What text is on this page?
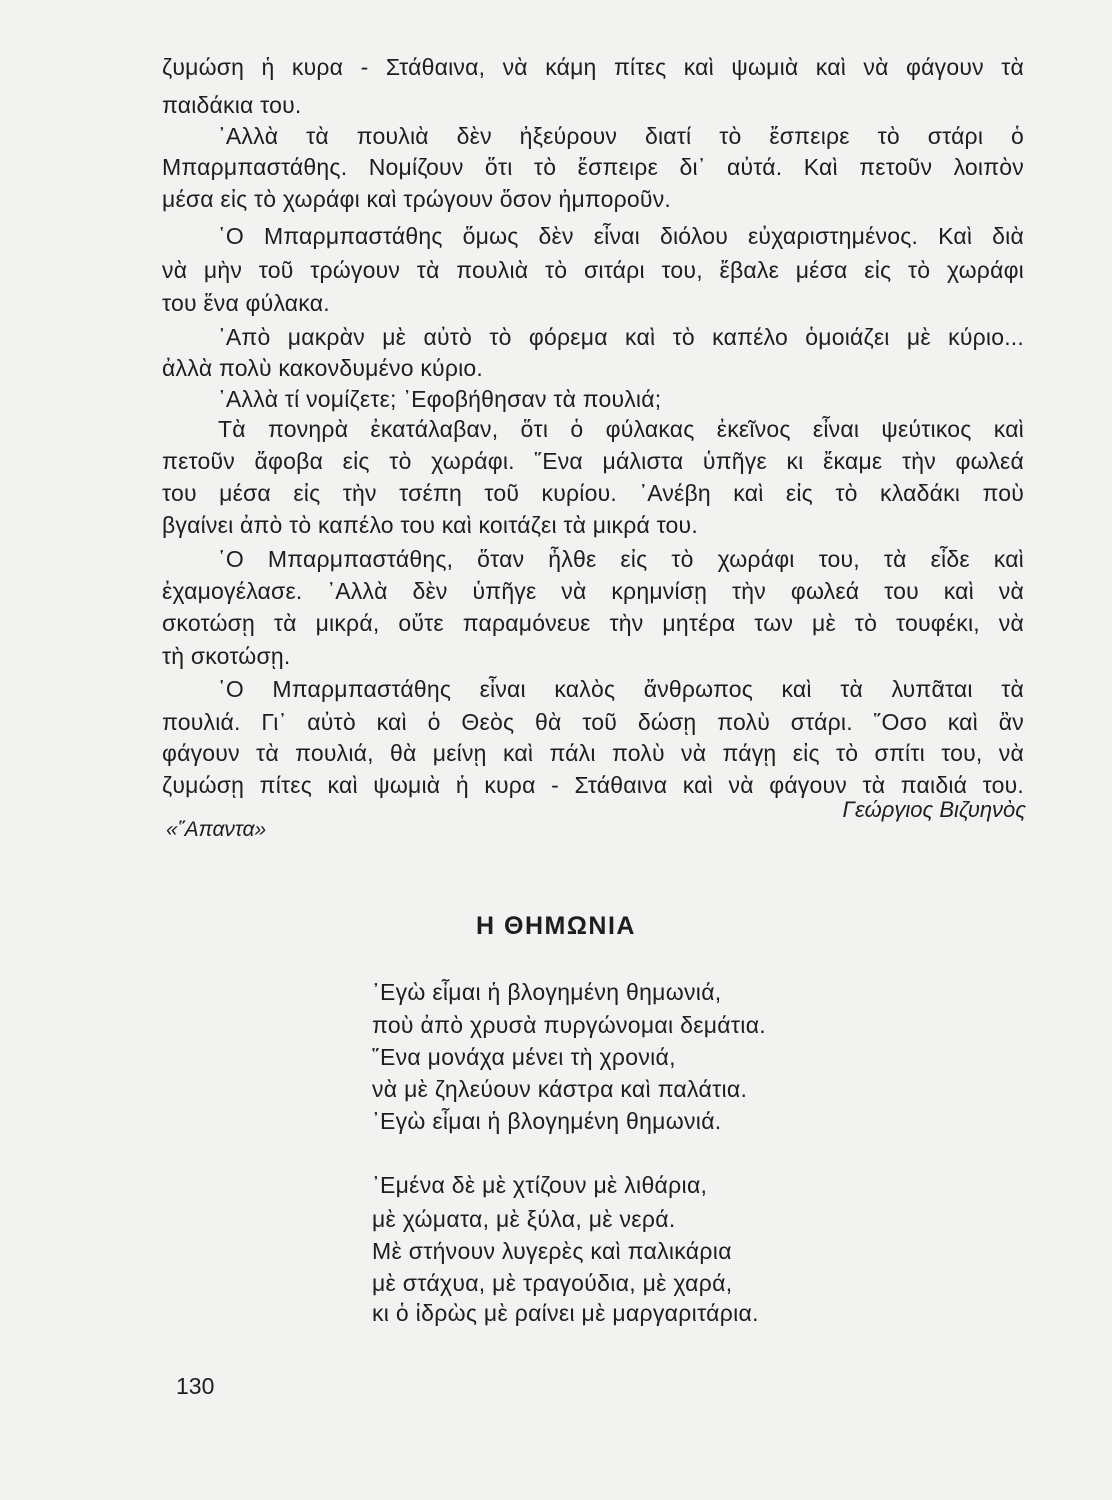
ζυμώση ἡ κυρα - Στάθαινα, νὰ κάμη πίτες καὶ ψωμιὰ καὶ νὰ φάγουν τὰ
παιδάκια του.
᾿Αλλὰ τὰ πουλιὰ δὲν ἠξεύρουν διατί τὸ ἔσπειρε τὸ στάρι ὁ
Μπαρμπαστάθης. Νομίζουν ὅτι τὸ ἔσπειρε δι᾿ αὐτά. Καὶ πετοῦν λοιπὸν
μέσα εἰς τὸ χωράφι καὶ τρώγουν ὅσον ἠμποροῦν.
῾Ο Μπαρμπαστάθης ὅμως δὲν εἶναι διόλου εὐχαριστημένος. Καὶ διὰ
νὰ μὴν τοῦ τρώγουν τὰ πουλιὰ τὸ σιτάρι του, ἔβαλε μέσα εἰς τὸ χωράφι
του ἕνα φύλακα.
᾿Απὸ μακρὰν μὲ αὐτὸ τὸ φόρεμα καὶ τὸ καπέλο ὁμοιάζει μὲ κύριο...
ἀλλὰ πολὺ κακονδυμένο κύριο.
᾿Αλλὰ τί νομίζετε; ᾿Εφοβήθησαν τὰ πουλιά;
Τὰ πονηρὰ ἐκατάλαβαν, ὅτι ὁ φύλακας ἐκεῖνος εἶναι ψεύτικος καὶ
πετοῦν ἄφοβα εἰς τὸ χωράφι. ῞Ενα μάλιστα ὑπῆγε κι ἔκαμε τὴν φωλεά
του μέσα εἰς τὴν τσέπη τοῦ κυρίου. ᾿Ανέβη καὶ εἰς τὸ κλαδάκι ποὺ
βγαίνει ἀπὸ τὸ καπέλο του καὶ κοιτάζει τὰ μικρά του.
῾Ο Μπαρμπαστάθης, ὅταν ἦλθε εἰς τὸ χωράφι του, τὰ εἶδε καὶ
ἐχαμογέλασε. ᾿Αλλὰ δὲν ὑπῆγε νὰ κρημνίσῃ τὴν φωλεά του καὶ νὰ
σκοτώσῃ τὰ μικρά, οὔτε παραμόνευε τὴν μητέρα των μὲ τὸ τουφέκι, νὰ
τὴ σκοτώσῃ.
῾Ο Μπαρμπαστάθης εἶναι καλὸς ἄνθρωπος καὶ τὰ λυπᾶται τὰ
πουλιά. Γι᾿ αὐτὸ καὶ ὁ Θεὸς θὰ τοῦ δώσῃ πολὺ στάρι. ῞Οσο καὶ ἂν
φάγουν τὰ πουλιά, θὰ μείνῃ καὶ πάλι πολὺ νὰ πάγῃ εἰς τὸ σπίτι του, νὰ
ζυμώσῃ πίτες καὶ ψωμιὰ ἡ κυρα - Στάθαινα καὶ νὰ φάγουν τὰ παιδιά του.
Γεώργιος Βιζυηνὸς
«῞Απαντα»
Η ΘΗΜΩΝΙΑ
᾿Εγὼ εἶμαι ἡ βλογημένη θημωνιά,
ποὺ ἀπὸ χρυσὰ πυργώνομαι δεμάτια.
῞Ενα μονάχα μένει τὴ χρονιά,
νὰ μὲ ζηλεύουν κάστρα καὶ παλάτια.
᾿Εγὼ εἶμαι ἡ βλογημένη θημωνιά.
᾿Εμένα δὲ μὲ χτίζουν μὲ λιθάρια,
μὲ χώματα, μὲ ξύλα, μὲ νερά.
Μὲ στήνουν λυγερὲς καὶ παλικάρια
μὲ στάχυα, μὲ τραγούδια, μὲ χαρά,
κι ὁ ἱδρὼς μὲ ραίνει μὲ μαργαριτάρια.
130
